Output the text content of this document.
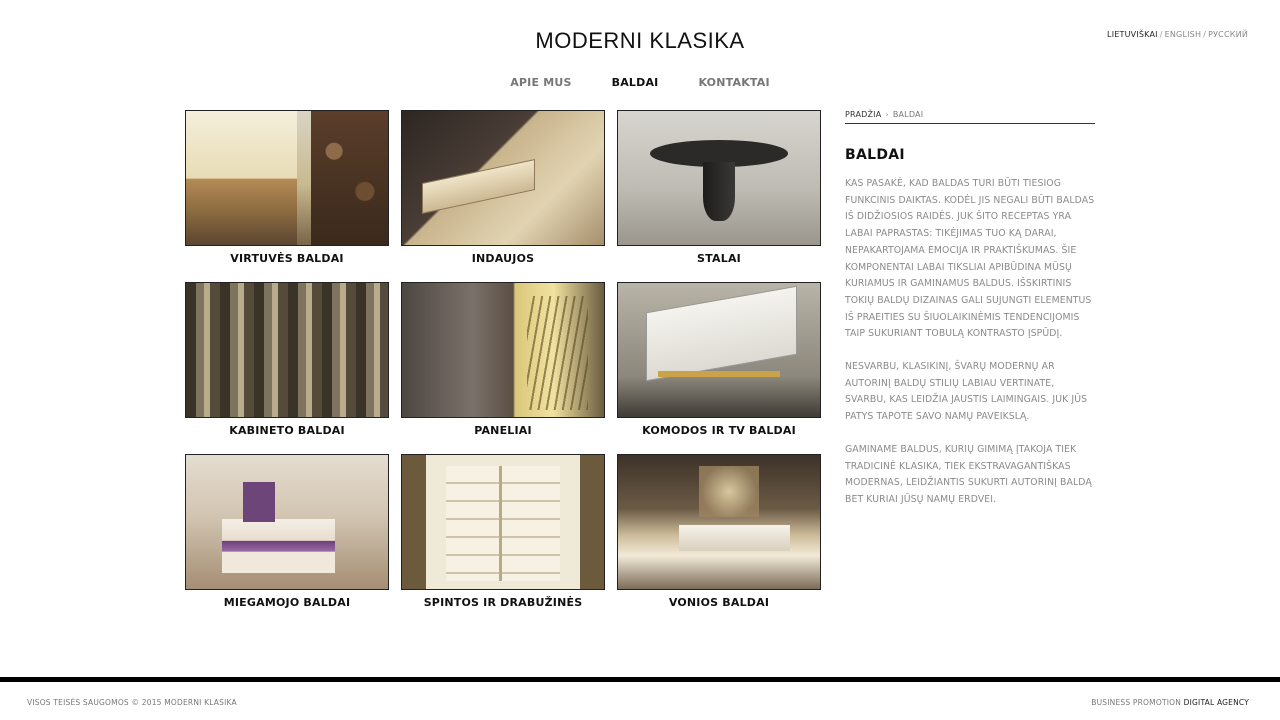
MODERNI KLASIKA	LIETUVIŠKAI / ENGLISH / РУССКИЙ
APIE MUS	BALDAI	KONTAKTAI
VIRTUVĖS BALDAI	INDAUJOS	STALAI
KABINETO BALDAI	PANELIAI	KOMODOS IR TV BALDAI
MIEGAMOJO BALDAI	SPINTOS IR DRABUŽINĖS	VONIOS BALDAI
PRADŽIA › BALDAI
BALDAI

KAS PASAKĖ, KAD BALDAS TURI BŪTI TIESIOG FUNKCINIS DAIKTAS. KODĖL JIS NEGALI BŪTI BALDAS IŠ DIDŽIOSIOS RAIDĖS. JUK ŠITO RECEPTAS YRA LABAI PAPRASTAS: TIKĖJIMAS TUO KĄ DARAI, NEPAKARTOJAMA EMOCIJA IR PRAKTIŠKUMAS. ŠIE KOMPONENTAI LABAI TIKSLIAI APIBŪDINA MŪSŲ KURIAMUS IR GAMINAMUS BALDUS. IŠSKIRTINIS TOKIŲ BALDŲ DIZAINAS GALI SUJUNGTI ELEMENTUS IŠ PRAEITIES SU ŠIUOLAIKINĖMIS TENDENCIJOMIS TAIP SUKURIANT TOBULĄ KONTRASTO ĮSPŪDĮ.

NESVARBU, KLASIKINĮ, ŠVARŲ MODERNŲ AR AUTORINĮ BALDŲ STILIŲ LABIAU VERTINATE, SVARBU, KAS LEIDŽIA JAUSTIS LAIMINGAIS. JUK JŪS PATYS TAPOTE SAVO NAMŲ PAVEIKSLĄ.

GAMINAME BALDUS, KURIŲ GIMIMĄ ĮTAKOJA TIEK TRADICINĖ KLASIKA, TIEK EKSTRAVAGANTIŠKAS MODERNAS, LEIDŽIANTIS SUKURTI AUTORINĮ BALDĄ BET KURIAI JŪSŲ NAMŲ ERDVEI.

VISOS TEISĖS SAUGOMOS © 2015 MODERNI KLASIKA	BUSINESS PROMOTION DIGITAL AGENCY
